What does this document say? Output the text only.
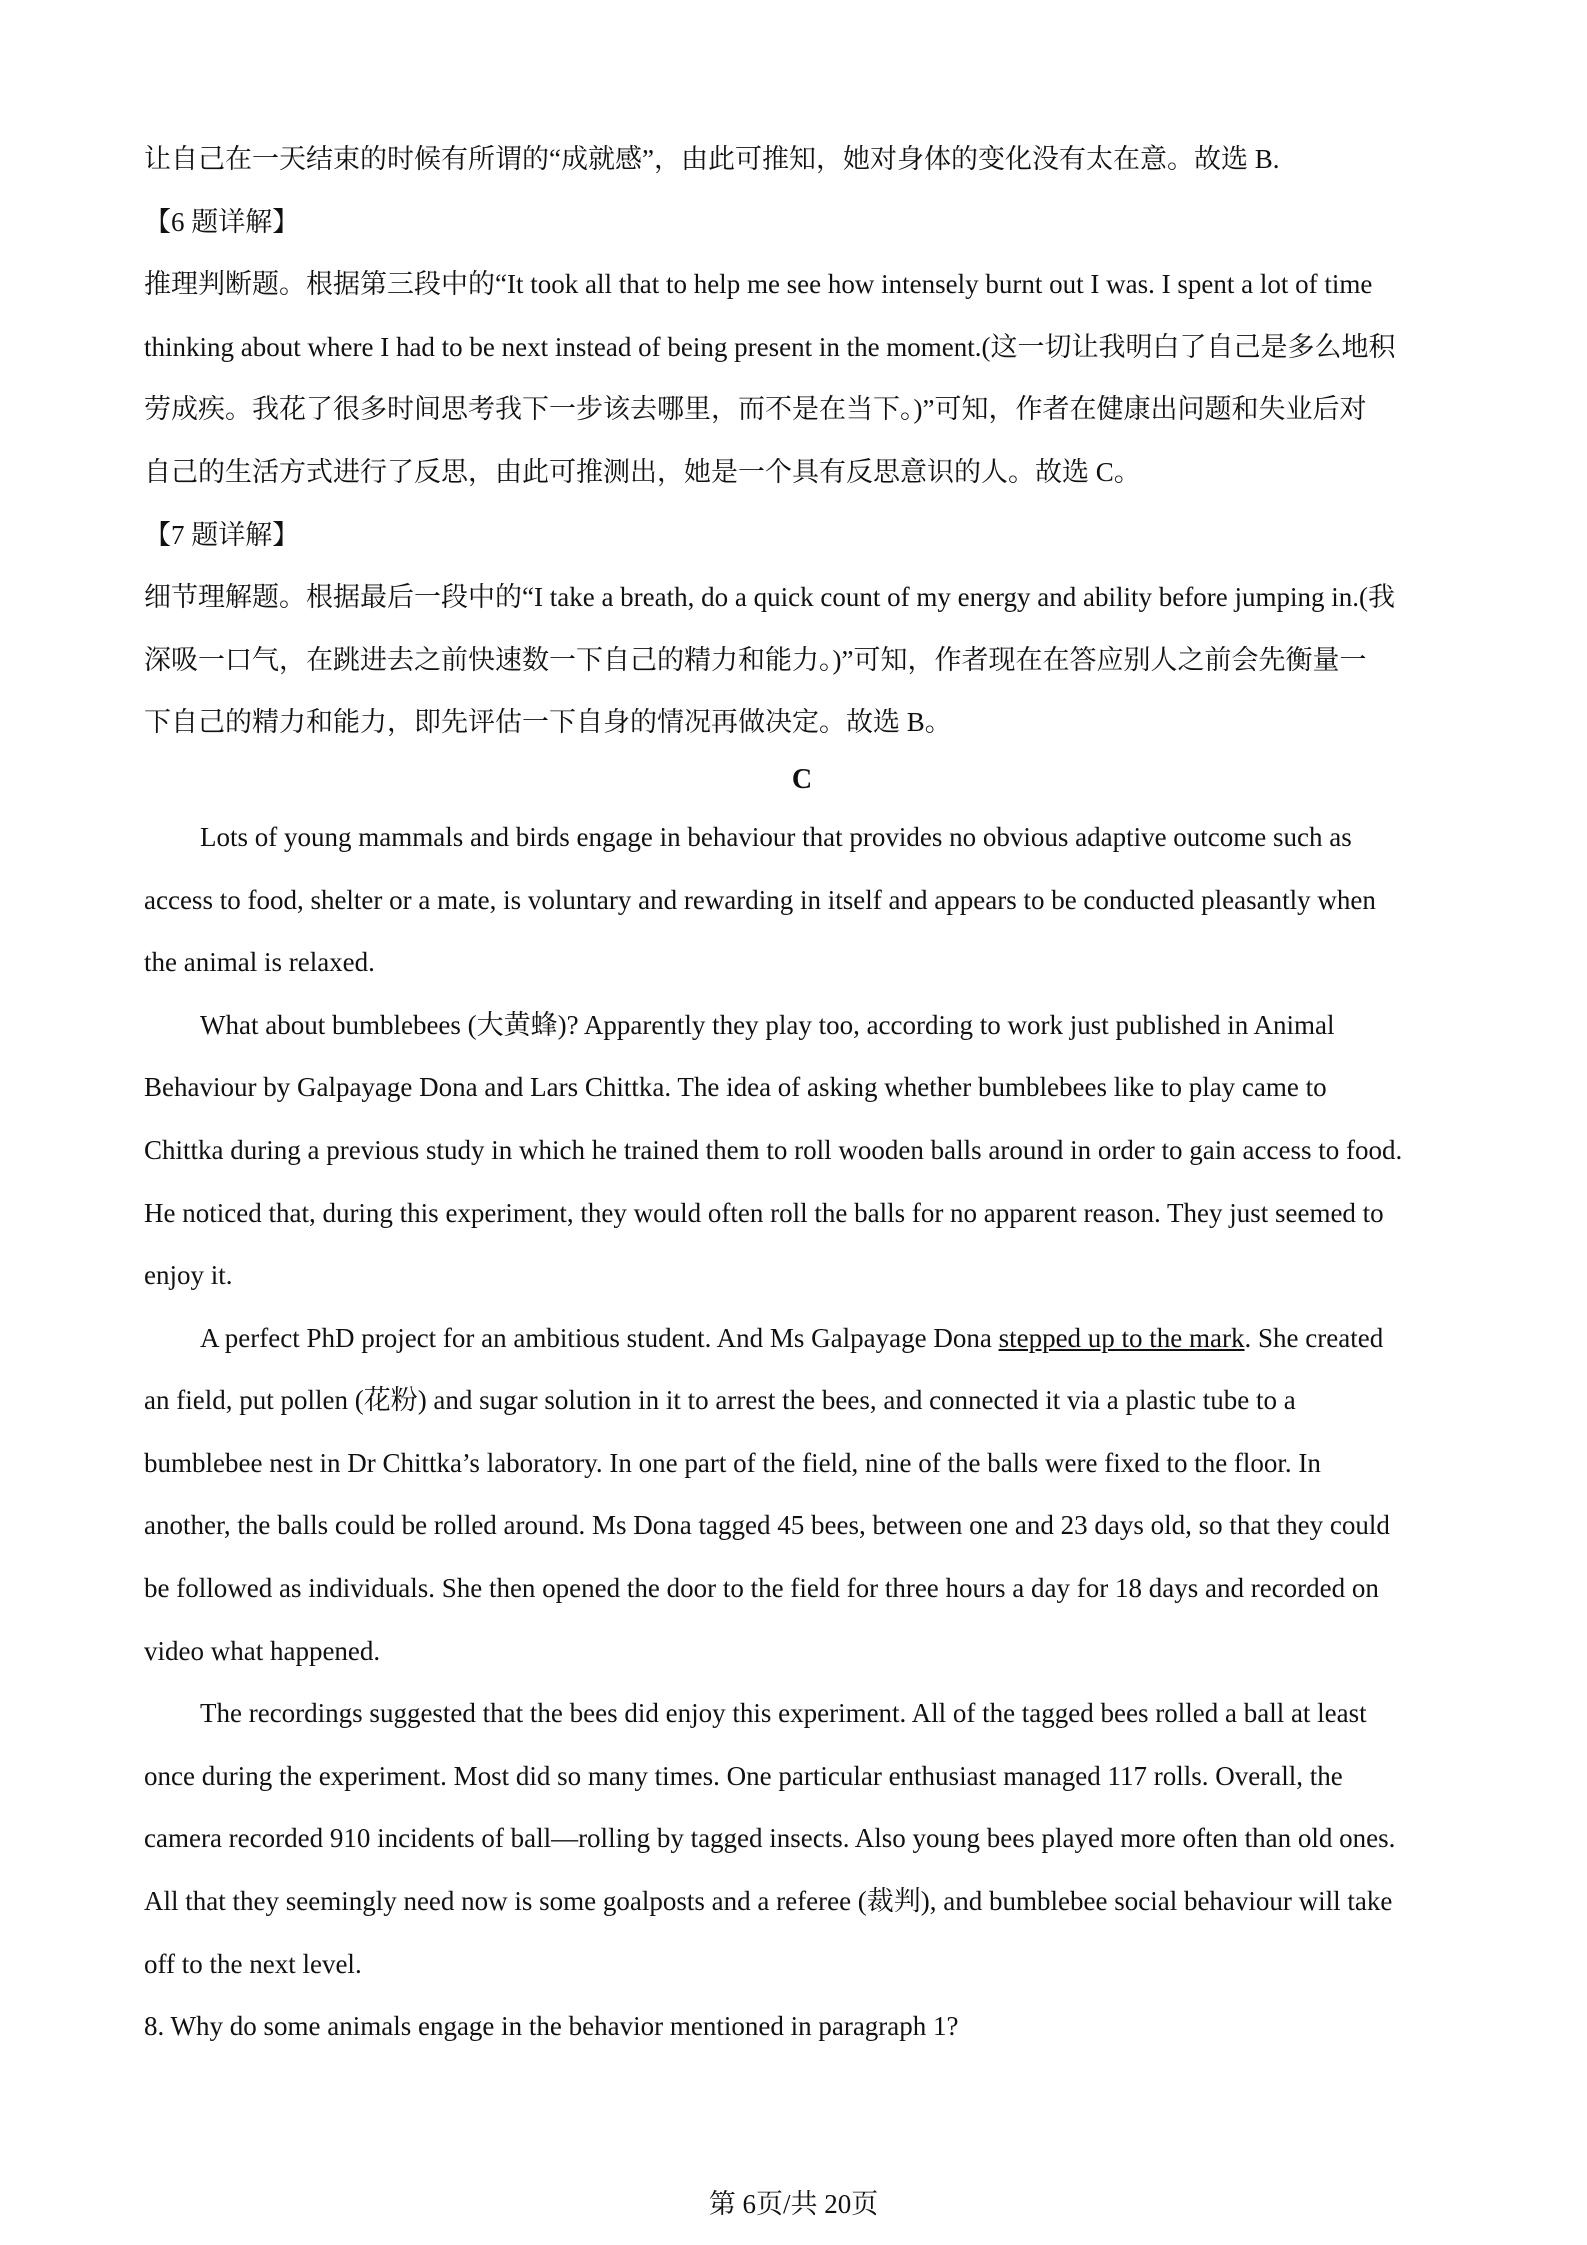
让自己在一天结束的时候有所谓的“成就感”，由此可推知，她对身体的变化没有太在意。故选 B.

【6 题详解】

推理判断题。根据第三段中的“It took all that to help me see how intensely burnt out I was. I spent a lot of time

thinking about where I had to be next instead of being present in the moment.(这一切让我明白了自己是多么地积

劳成疾。我花了很多时间思考我下一步该去哪里，而不是在当下。)”可知，作者在健康出问题和失业后对

自己的生活方式进行了反思，由此可推测出，她是一个具有反思意识的人。故选 C。

【7 题详解】

细节理解题。根据最后一段中的“I take a breath, do a quick count of my energy and ability before jumping in.(我

深吸一口气，在跳进去之前快速数一下自己的精力和能力。)”可知，作者现在在答应别人之前会先衡量一

下自己的精力和能力，即先评估一下自身的情况再做决定。故选 B。

C

Lots of young mammals and birds engage in behaviour that provides no obvious adaptive outcome such as

access to food, shelter or a mate, is voluntary and rewarding in itself and appears to be conducted pleasantly when

the animal is relaxed.

What about bumblebees (大黄蜂)? Apparently they play too, according to work just published in Animal

Behaviour by Galpayage Dona and Lars Chittka. The idea of asking whether bumblebees like to play came to

Chittka during a previous study in which he trained them to roll wooden balls around in order to gain access to food.

He noticed that, during this experiment, they would often roll the balls for no apparent reason. They just seemed to

enjoy it.

A perfect PhD project for an ambitious student. And Ms Galpayage Dona stepped up to the mark. She created

an field, put pollen (花粉) and sugar solution in it to arrest the bees, and connected it via a plastic tube to a

bumblebee nest in Dr Chittka’s laboratory. In one part of the field, nine of the balls were fixed to the floor. In

another, the balls could be rolled around. Ms Dona tagged 45 bees, between one and 23 days old, so that they could

be followed as individuals. She then opened the door to the field for three hours a day for 18 days and recorded on

video what happened.

The recordings suggested that the bees did enjoy this experiment. All of the tagged bees rolled a ball at least

once during the experiment. Most did so many times. One particular enthusiast managed 117 rolls. Overall, the

camera recorded 910 incidents of ball—rolling by tagged insects. Also young bees played more often than old ones.

All that they seemingly need now is some goalposts and a referee (裁判), and bumblebee social behaviour will take

off to the next level.

8. Why do some animals engage in the behavior mentioned in paragraph 1?

第 6页/共 20页
